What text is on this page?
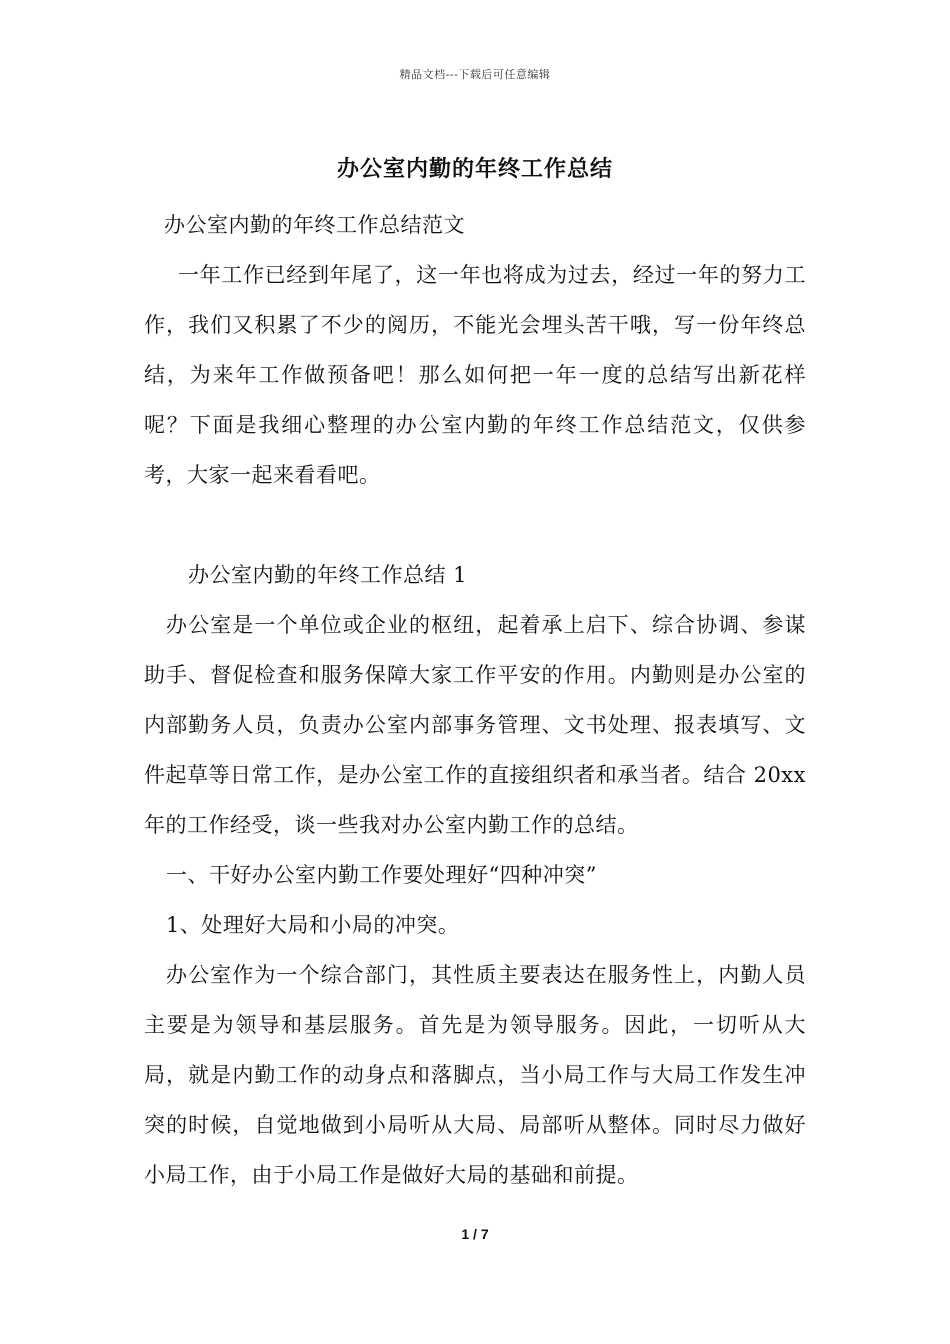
精品文档---下载后可任意编辑
办公室内勤的年终工作总结

办公室内勤的年终工作总结范文

一年工作已经到年尾了，这一年也将成为过去，经过一年的努力工作，我们又积累了不少的阅历，不能光会埋头苦干哦，写一份年终总结，为来年工作做预备吧！那么如何把一年一度的总结写出新花样呢？下面是我细心整理的办公室内勤的年终工作总结范文，仅供参考，大家一起来看看吧。

办公室内勤的年终工作总结 1

办公室是一个单位或企业的枢纽，起着承上启下、综合协调、参谋助手、督促检查和服务保障大家工作平安的作用。内勤则是办公室的内部勤务人员，负责办公室内部事务管理、文书处理、报表填写、文件起草等日常工作，是办公室工作的直接组织者和承当者。结合 20xx 年的工作经受，谈一些我对办公室内勤工作的总结。

一、干好办公室内勤工作要处理好“四种冲突”

1、处理好大局和小局的冲突。

办公室作为一个综合部门，其性质主要表达在服务性上，内勤人员主要是为领导和基层服务。首先是为领导服务。因此，一切听从大局，就是内勤工作的动身点和落脚点，当小局工作与大局工作发生冲突的时候，自觉地做到小局听从大局、局部听从整体。同时尽力做好小局工作，由于小局工作是做好大局的基础和前提。

1 / 7
